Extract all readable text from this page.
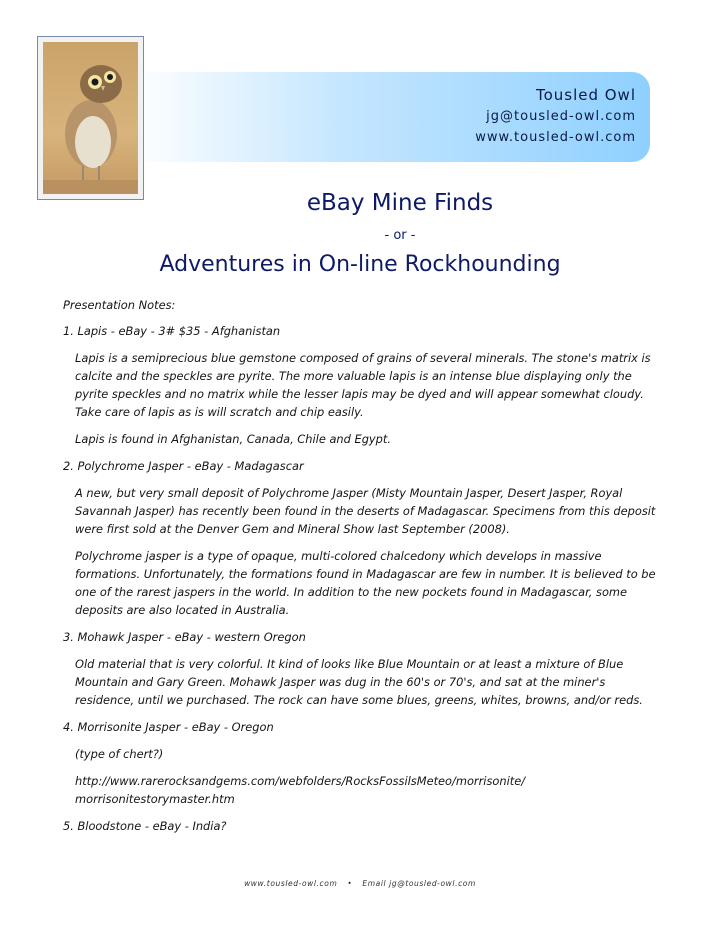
Tousled Owl
jg@tousled-owl.com
www.tousled-owl.com
eBay Mine Finds
- or -
Adventures in On-line Rockhounding

Presentation Notes:

1. Lapis - eBay - 3# $35 - Afghanistan

Lapis is a semiprecious blue gemstone composed of grains of several minerals. The stone's matrix is calcite and the speckles are pyrite. The more valuable lapis is an intense blue displaying only the pyrite speckles and no matrix while the lesser lapis may be dyed and will appear somewhat cloudy. Take care of lapis as is will scratch and chip easily.

Lapis is found in Afghanistan, Canada, Chile and Egypt.

2. Polychrome Jasper - eBay - Madagascar

A new, but very small deposit of Polychrome Jasper (Misty Mountain Jasper, Desert Jasper, Royal Savannah Jasper) has recently been found in the deserts of Madagascar. Specimens from this deposit were first sold at the Denver Gem and Mineral Show last September (2008).

Polychrome jasper is a type of opaque, multi-colored chalcedony which develops in massive formations. Unfortunately, the formations found in Madagascar are few in number. It is believed to be one of the rarest jaspers in the world. In addition to the new pockets found in Madagascar, some deposits are also located in Australia.

3. Mohawk Jasper - eBay - western Oregon

Old material that is very colorful. It kind of looks like Blue Mountain or at least a mixture of Blue Mountain and Gary Green. Mohawk Jasper was dug in the 60's or 70's, and sat at the miner's residence, until we purchased. The rock can have some blues, greens, whites, browns, and/or reds.

4. Morrisonite Jasper - eBay - Oregon

(type of chert?)

http://www.rarerocksandgems.com/webfolders/RocksFossilsMeteo/morrisonite/ morrisonitestorymaster.htm

5. Bloodstone - eBay - India?

www.tousled-owl.com • Email jg@tousled-owl.com
